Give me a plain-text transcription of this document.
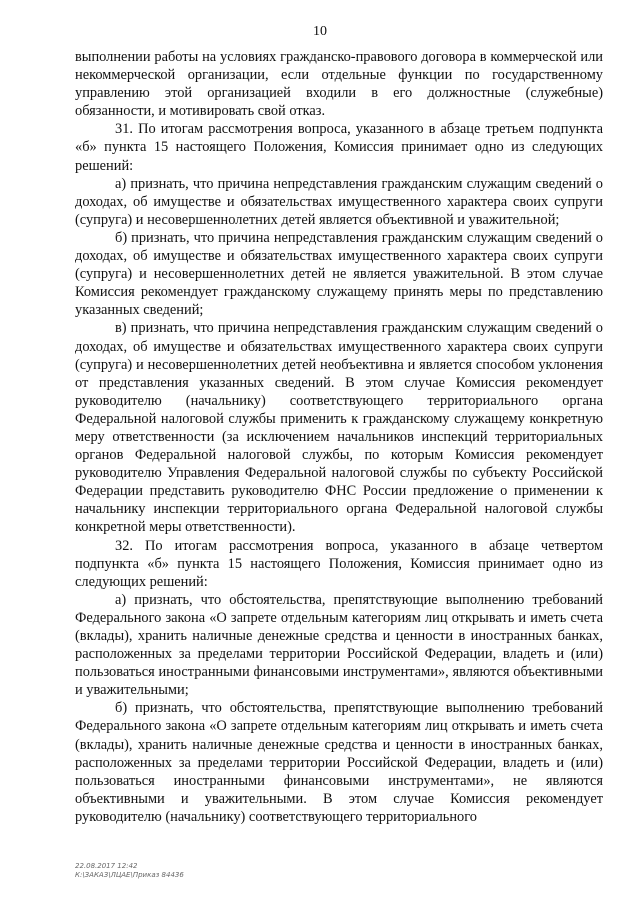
10

выполнении работы на условиях гражданско-правового договора в коммерческой или некоммерческой организации, если отдельные функции по государственному управлению этой организацией входили в его должностные (служебные) обязанности, и мотивировать свой отказ.

31. По итогам рассмотрения вопроса, указанного в абзаце третьем подпункта «б» пункта 15 настоящего Положения, Комиссия принимает одно из следующих решений:

а) признать, что причина непредставления гражданским служащим сведений о доходах, об имуществе и обязательствах имущественного характера своих супруги (супруга) и несовершеннолетних детей является объективной и уважительной;

б) признать, что причина непредставления гражданским служащим сведений о доходах, об имуществе и обязательствах имущественного характера своих супруги (супруга) и несовершеннолетних детей не является уважительной. В этом случае Комиссия рекомендует гражданскому служащему принять меры по представлению указанных сведений;

в) признать, что причина непредставления гражданским служащим сведений о доходах, об имуществе и обязательствах имущественного характера своих супруги (супруга) и несовершеннолетних детей необъективна и является способом уклонения от представления указанных сведений. В этом случае Комиссия рекомендует руководителю (начальнику) соответствующего территориального органа Федеральной налоговой службы применить к гражданскому служащему конкретную меру ответственности (за исключением начальников инспекций территориальных органов Федеральной налоговой службы, по которым Комиссия рекомендует руководителю Управления Федеральной налоговой службы по субъекту Российской Федерации представить руководителю ФНС России предложение о применении к начальнику инспекции территориального органа Федеральной налоговой службы конкретной меры ответственности).

32. По итогам рассмотрения вопроса, указанного в абзаце четвертом подпункта «б» пункта 15 настоящего Положения, Комиссия принимает одно из следующих решений:

а) признать, что обстоятельства, препятствующие выполнению требований Федерального закона «О запрете отдельным категориям лиц открывать и иметь счета (вклады), хранить наличные денежные средства и ценности в иностранных банках, расположенных за пределами территории Российской Федерации, владеть и (или) пользоваться иностранными финансовыми инструментами», являются объективными и уважительными;

б) признать, что обстоятельства, препятствующие выполнению требований Федерального закона «О запрете отдельным категориям лиц открывать и иметь счета (вклады), хранить наличные денежные средства и ценности в иностранных банках, расположенных за пределами территории Российской Федерации, владеть и (или) пользоваться иностранными финансовыми инструментами», не являются объективными и уважительными. В этом случае Комиссия рекомендует руководителю (начальнику) соответствующего территориального

22.08.2017 12:42
К:\ЗАКАЗ\ЛЦАЕ\Приказ 84436
